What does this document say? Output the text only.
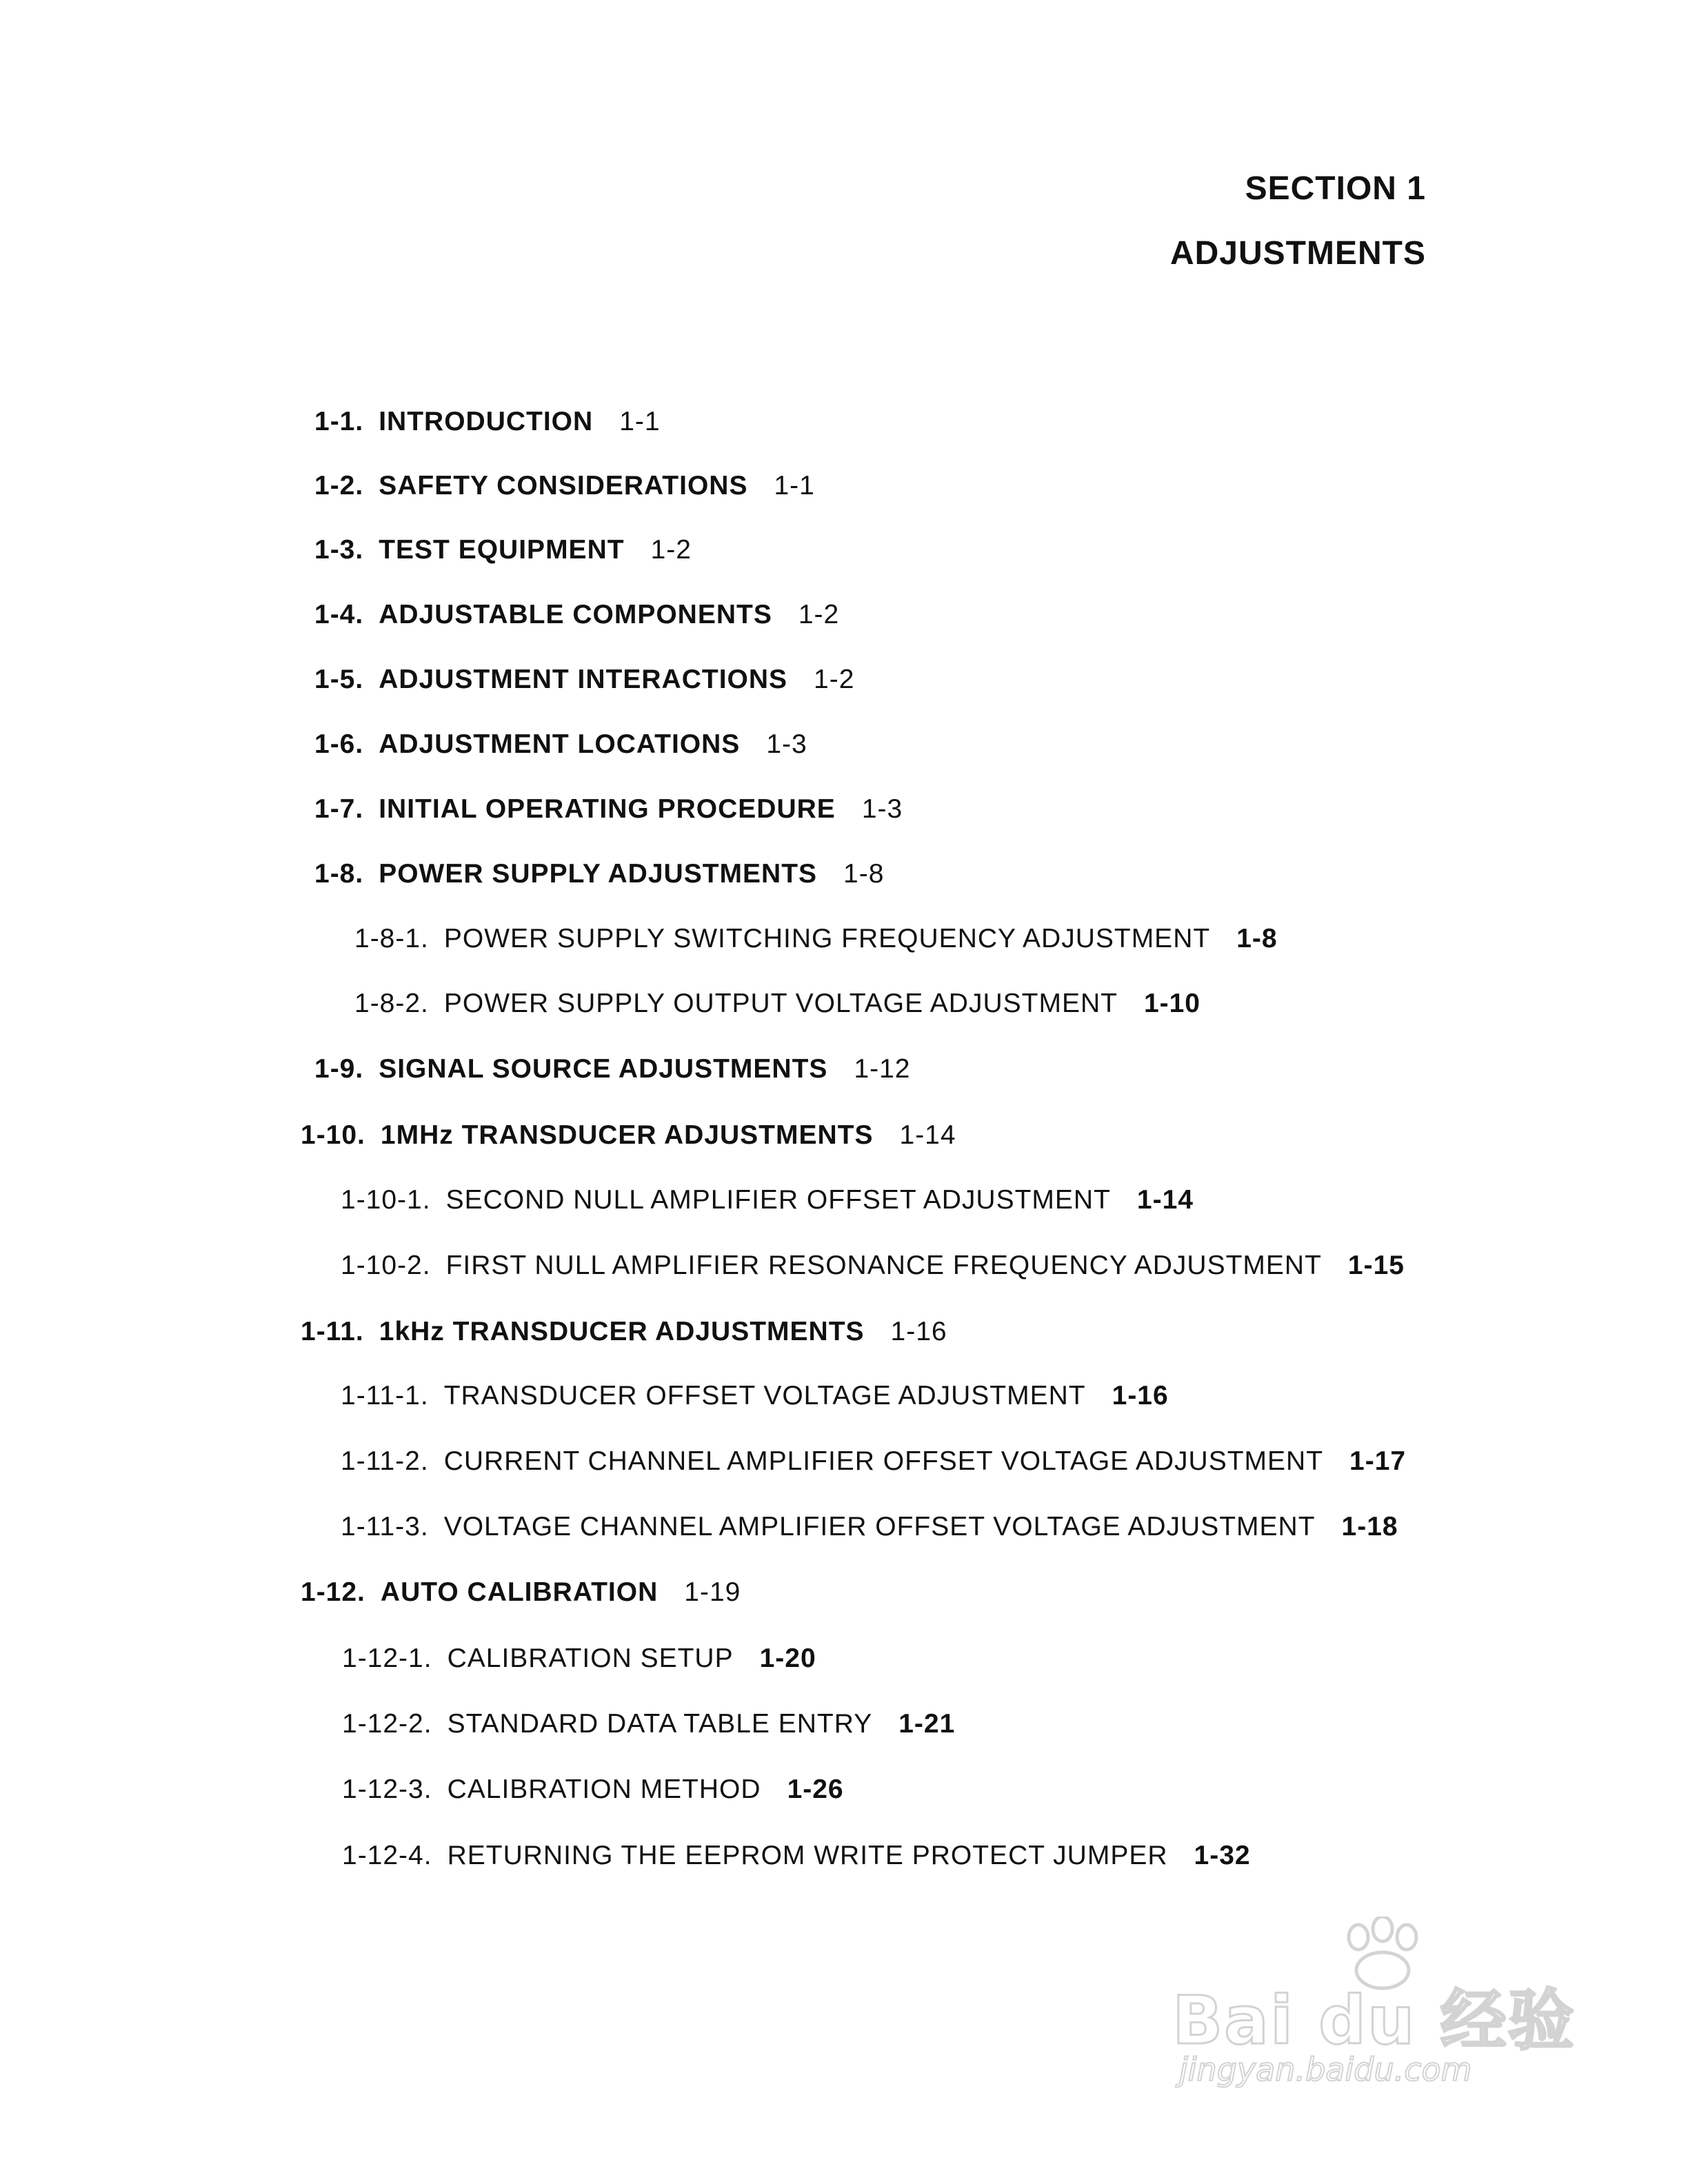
SECTION 1
ADJUSTMENTS
1-1. INTRODUCTION 1-1
1-2. SAFETY CONSIDERATIONS 1-1
1-3. TEST EQUIPMENT 1-2
1-4. ADJUSTABLE COMPONENTS 1-2
1-5. ADJUSTMENT INTERACTIONS 1-2
1-6. ADJUSTMENT LOCATIONS 1-3
1-7. INITIAL OPERATING PROCEDURE 1-3
1-8. POWER SUPPLY ADJUSTMENTS 1-8
1-8-1. POWER SUPPLY SWITCHING FREQUENCY ADJUSTMENT 1-8
1-8-2. POWER SUPPLY OUTPUT VOLTAGE ADJUSTMENT 1-10
1-9. SIGNAL SOURCE ADJUSTMENTS 1-12
1-10. 1MHz TRANSDUCER ADJUSTMENTS 1-14
1-10-1. SECOND NULL AMPLIFIER OFFSET ADJUSTMENT 1-14
1-10-2. FIRST NULL AMPLIFIER RESONANCE FREQUENCY ADJUSTMENT 1-15
1-11. 1kHz TRANSDUCER ADJUSTMENTS 1-16
1-11-1. TRANSDUCER OFFSET VOLTAGE ADJUSTMENT 1-16
1-11-2. CURRENT CHANNEL AMPLIFIER OFFSET VOLTAGE ADJUSTMENT 1-17
1-11-3. VOLTAGE CHANNEL AMPLIFIER OFFSET VOLTAGE ADJUSTMENT 1-18
1-12. AUTO CALIBRATION 1-19
1-12-1. CALIBRATION SETUP 1-20
1-12-2. STANDARD DATA TABLE ENTRY 1-21
1-12-3. CALIBRATION METHOD 1-26
1-12-4. RETURNING THE EEPROM WRITE PROTECT JUMPER 1-32
Bai du 经验
jingyan.baidu.com
